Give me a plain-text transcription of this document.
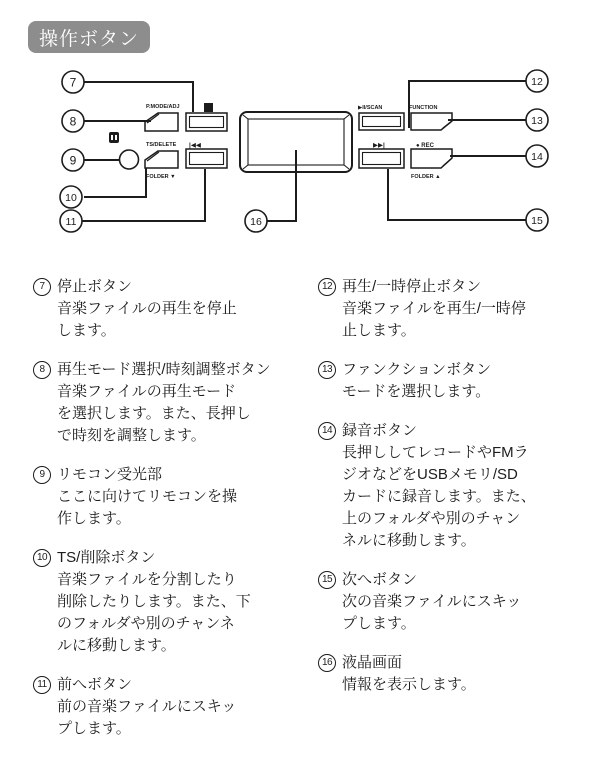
操作ボタン
P.MODE/ADJ
TS/DELETE |◀◀
FOLDER ▼
▶II/SCAN	FUNCTION
▶▶|	● REC
FOLDER ▲
7
8
9
10
11
12
13
14
15
16
7 停止ボタン
音楽ファイルの再生を停止
します。
8 再生モード選択/時刻調整ボタン
音楽ファイルの再生モード
を選択します。また、長押し
で時刻を調整します。
9 リモコン受光部
ここに向けてリモコンを操
作します。
10 TS/削除ボタン
音楽ファイルを分割したり
削除したりします。また、下
のフォルダや別のチャンネ
ルに移動します。
11 前へボタン
前の音楽ファイルにスキッ
プします。
12 再生/一時停止ボタン
音楽ファイルを再生/一時停
止します。
13 ファンクションボタン
モードを選択します。
14 録音ボタン
長押ししてレコードやFMラ
ジオなどをUSBメモリ/SD
カードに録音します。また、
上のフォルダや別のチャン
ネルに移動します。
15 次へボタン
次の音楽ファイルにスキッ
プします。
16 液晶画面
情報を表示します。
